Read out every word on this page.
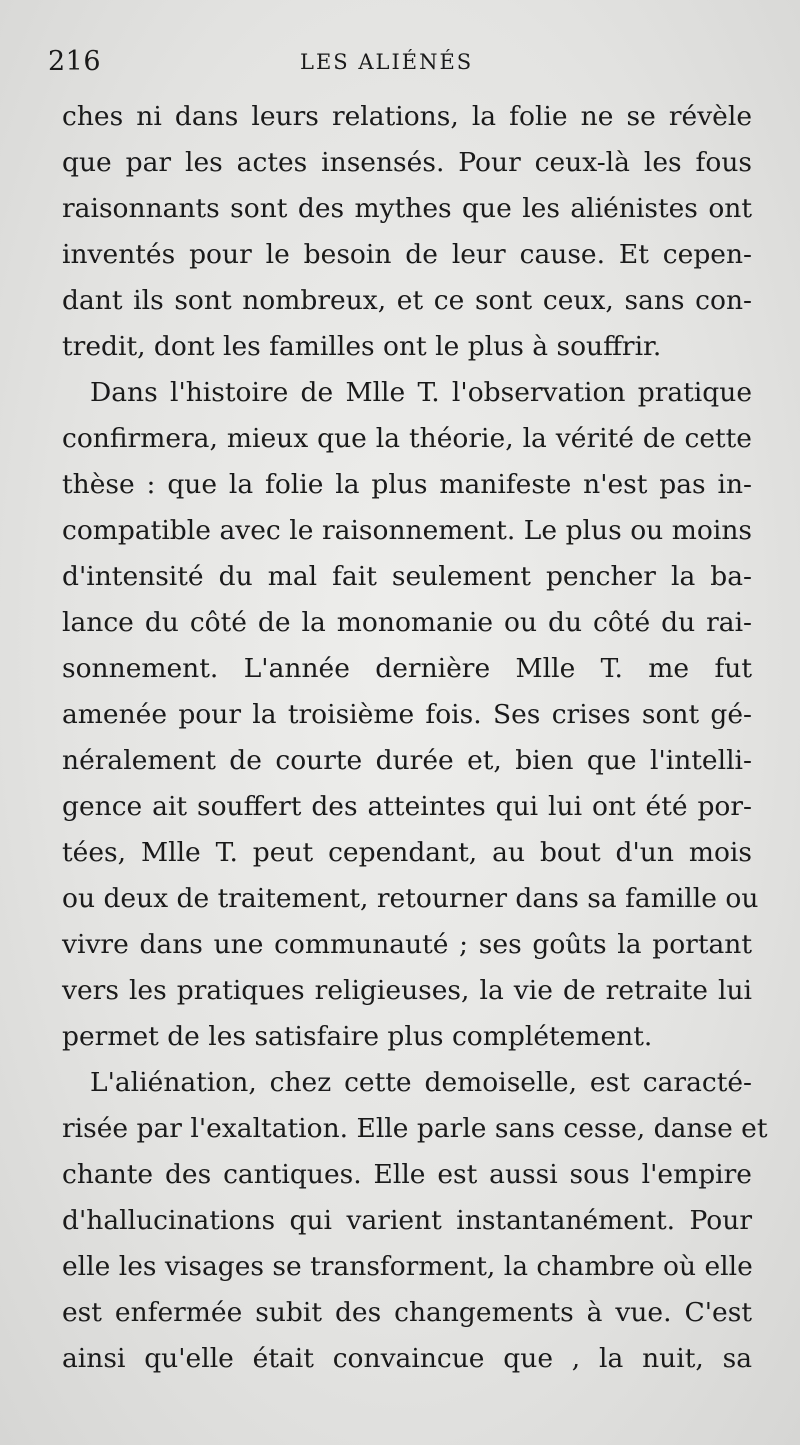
216	LES ALIÉNÉS
ches ni dans leurs relations, la folie ne se révèle
que par les actes insensés. Pour ceux-là les fous
raisonnants sont des mythes que les aliénistes ont
inventés pour le besoin de leur cause. Et cepen-
dant ils sont nombreux, et ce sont ceux, sans con-
tredit, dont les familles ont le plus à souffrir.
Dans l'histoire de Mlle T. l'observation pratique
confirmera, mieux que la théorie, la vérité de cette
thèse : que la folie la plus manifeste n'est pas in-
compatible avec le raisonnement. Le plus ou moins
d'intensité du mal fait seulement pencher la ba-
lance du côté de la monomanie ou du côté du rai-
sonnement. L'année dernière Mlle T. me fut
amenée pour la troisième fois. Ses crises sont gé-
néralement de courte durée et, bien que l'intelli-
gence ait souffert des atteintes qui lui ont été por-
tées, Mlle T. peut cependant, au bout d'un mois
ou deux de traitement, retourner dans sa famille ou
vivre dans une communauté ; ses goûts la portant
vers les pratiques religieuses, la vie de retraite lui
permet de les satisfaire plus complétement.
L'aliénation, chez cette demoiselle, est caracté-
risée par l'exaltation. Elle parle sans cesse, danse et
chante des cantiques. Elle est aussi sous l'empire
d'hallucinations qui varient instantanément. Pour
elle les visages se transforment, la chambre où elle
est enfermée subit des changements à vue. C'est
ainsi qu'elle était convaincue que , la nuit, sa
